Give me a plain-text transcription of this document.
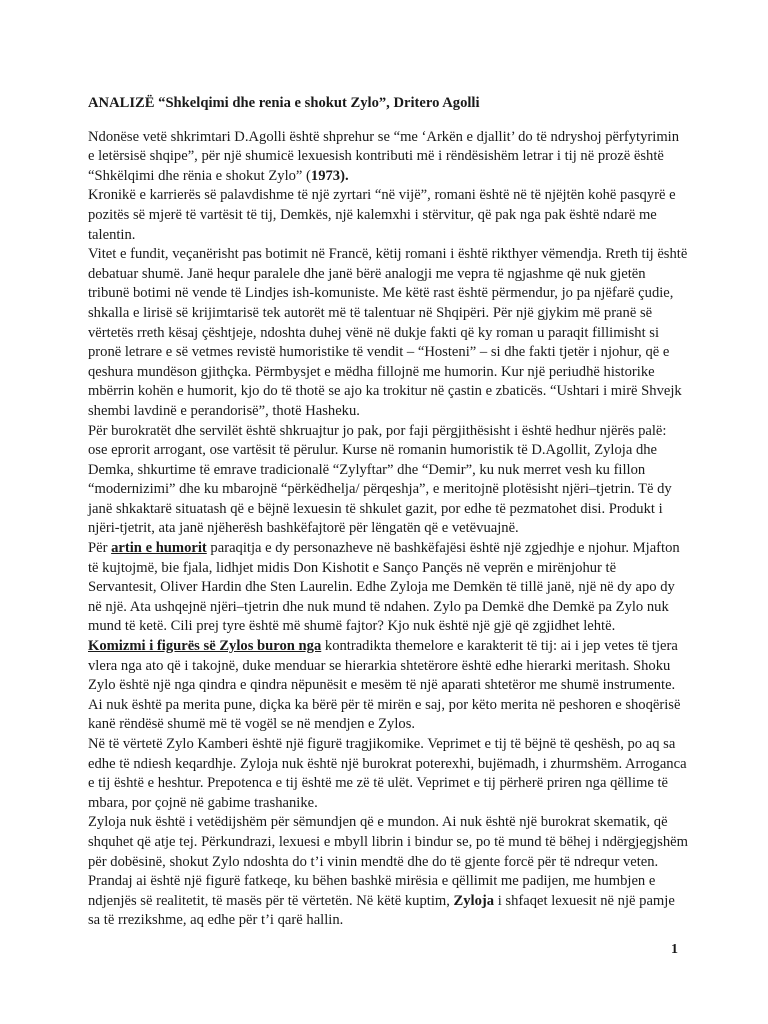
ANALIZË “Shkelqimi dhe renia e shokut Zylo”, Dritero Agolli

Ndonëse vetë shkrimtari D.Agolli është shprehur se “me ‘Arkën e djallit’ do të ndryshoj përfytyrimin e letërsisë shqipe”, për një shumicë lexuesish kontributi më i rëndësishëm letrar i tij në prozë është “Shkëlqimi dhe rënia e shokut Zylo” (1973).

Kronikë e karrierës së palavdishme të një zyrtari “në vijë”, romani është në të njëjtën kohë pasqyrë e pozitës së mjerë të vartësit të tij, Demkës, një kalemxhi i stërvitur, që pak nga pak është ndarë me talentin.

Vitet e fundit, veçanërisht pas botimit në Francë, këtij romani i është rikthyer vëmendja. Rreth tij është debatuar shumë. Janë hequr paralele dhe janë bërë analogji me vepra të ngjashme që nuk gjetën tribunë botimi në vende të Lindjes ish-komuniste. Me këtë rast është përmendur, jo pa njëfarë çudie, shkalla e lirisë së krijimtarisë tek autorët më të talentuar në Shqipëri. Për një gjykim më pranë së vërtetës rreth kësaj çështjeje, ndoshta duhej vënë në dukje fakti që ky roman u paraqit fillimisht si pronë letrare e së vetmes revistë humoristike të vendit – “Hosteni” – si dhe fakti tjetër i njohur, që e qeshura mundëson gjithçka. Përmbysjet e mëdha fillojnë me humorin. Kur një periudhë historike mbërrin kohën e humorit, kjo do të thotë se ajo ka trokitur në çastin e zbaticës. “Ushtari i mirë Shvejk shembi lavdinë e perandorisë”, thotë Hasheku.

Për burokratët dhe servilët është shkruajtur jo pak, por faji përgjithësisht i është hedhur njërës palë: ose eprorit arrogant, ose vartësit të përulur. Kurse në romanin humoristik të D.Agollit, Zyloja dhe Demka, shkurtime të emrave tradicionalë “Zylyftar” dhe “Demir”, ku nuk merret vesh ku fillon “modernizimi” dhe ku mbarojnë “përkëdhelja/ përqeshja”, e meritojnë plotësisht njëri–tjetrin. Të dy janë shkaktarë situatash që e bëjnë lexuesin të shkulet gazit, por edhe të pezmatohet disi. Produkt i njëri-tjetrit, ata janë njëherësh bashkëfajtorë për lëngatën që e vetëvuajnë.

Për artin e humorit paraqitja e dy personazheve në bashkëfajësi është një zgjedhje e njohur. Mjafton të kujtojmë, bie fjala, lidhjet midis Don Kishotit e Sanço Pançës në veprën e mirënjohur të Servantesit, Oliver Hardin dhe Sten Laurelin. Edhe Zyloja me Demkën të tillë janë, një në dy apo dy në një. Ata ushqejnë njëri–tjetrin dhe nuk mund të ndahen. Zylo pa Demkë dhe Demkë pa Zylo nuk mund të ketë. Cili prej tyre është më shumë fajtor? Kjo nuk është një gjë që zgjidhet lehtë.

Komizmi i figurës së Zylos buron nga kontradikta themelore e karakterit të tij: ai i jep vetes të tjera vlera nga ato që i takojnë, duke menduar se hierarkia shtetërore është edhe hierarki meritash. Shoku Zylo është një nga qindra e qindra nëpunësit e mesëm të një aparati shtetëror me shumë instrumente. Ai nuk është pa merita pune, diçka ka bërë për të mirën e saj, por këto merita në peshoren e shoqërisë kanë rëndësë shumë më të vogël se në mendjen e Zylos.

Në të vërtetë Zylo Kamberi është një figurë tragjikomike. Veprimet e tij të bëjnë të qeshësh, po aq sa edhe të ndiesh keqardhje. Zyloja nuk është një burokrat poterexhi, bujëmadh, i zhurmshëm. Arroganca e tij është e heshtur. Prepotenca e tij është me zë të ulët. Veprimet e tij përherë priren nga qëllime të mbara, por çojnë në gabime trashanike.

Zyloja nuk është i vetëdijshëm për sëmundjen që e mundon. Ai nuk është një burokrat skematik, që shquhet që atje tej. Përkundrazi, lexuesi e mbyll librin i bindur se, po të mund të bëhej i ndërgjegjshëm për dobësinë, shokut Zylo ndoshta do t’i vinin mendtë dhe do të gjente forcë për të ndrequr veten. Prandaj ai është një figurë fatkeqe, ku bëhen bashkë mirësia e qëllimit me padijen, me humbjen e ndjenjës së realitetit, të masës për të vërtetën. Në këtë kuptim, Zyloja i shfaqet lexuesit në një pamje sa të rrezikshme, aq edhe për t’i qarë hallin.

1
